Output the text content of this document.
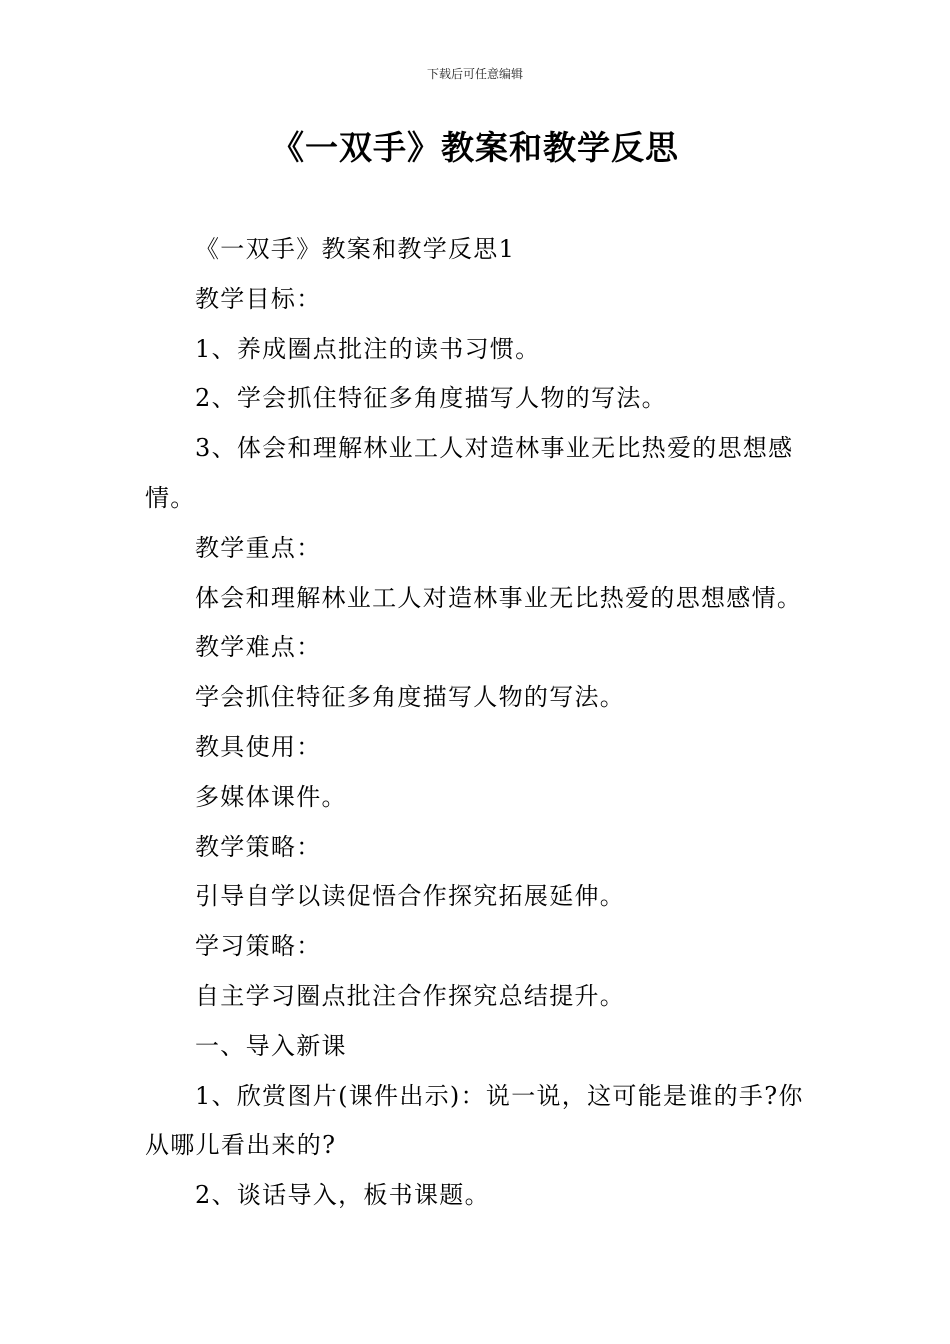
下载后可任意编辑
《一双手》教案和教学反思

《一双手》教案和教学反思1

教学目标：

1、养成圈点批注的读书习惯。

2、学会抓住特征多角度描写人物的写法。

3、体会和理解林业工人对造林事业无比热爱的思想感情。

教学重点：

体会和理解林业工人对造林事业无比热爱的思想感情。

教学难点：

学会抓住特征多角度描写人物的写法。

教具使用：

多媒体课件。

教学策略：

引导自学以读促悟合作探究拓展延伸。

学习策略：

自主学习圈点批注合作探究总结提升。

一、导入新课

1、欣赏图片(课件出示)：说一说，这可能是谁的手?你从哪儿看出来的?

2、谈话导入，板书课题。
